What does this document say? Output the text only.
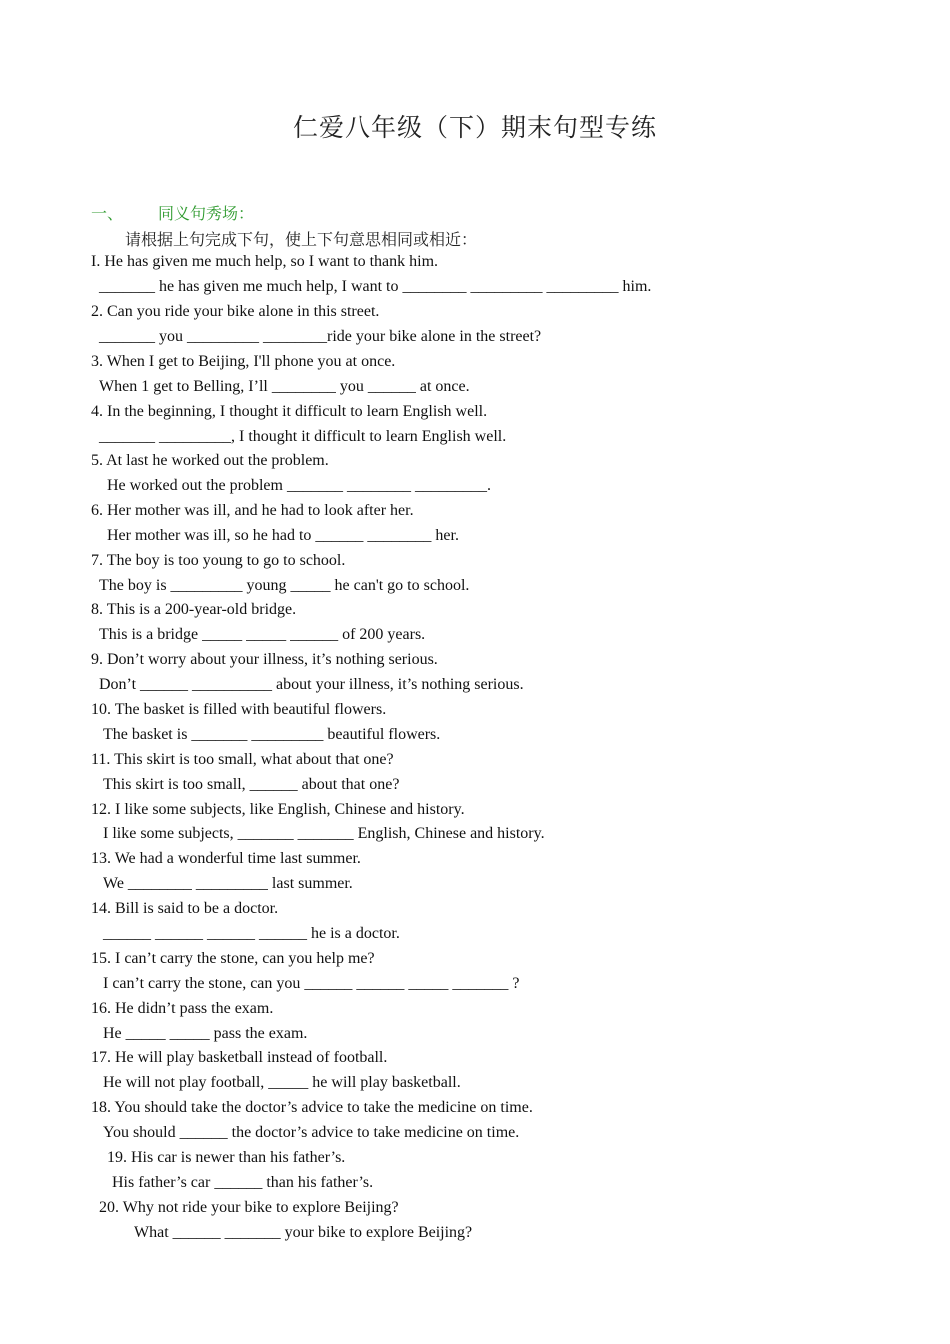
仁爱八年级（下）期末句型专练
一、 同义句秀场：
请根据上句完成下句，使上下句意思相同或相近：
I. He has given me much help, so I want to thank him.
_______ he has given me much help, I want to ________ _________ _________ him.
2. Can you ride your bike alone in this street.
_______ you _________ ________ride your bike alone in the street?
3. When I get to Beijing, I'll phone you at once.
When 1 get to Belling, I’ll ________ you ______ at once.
4. In the beginning, I thought it difficult to learn English well.
_______ _________, I thought it difficult to learn English well.
5. At last he worked out the problem.
He worked out the problem _______ ________ _________.
6. Her mother was ill, and he had to look after her.
Her mother was ill, so he had to ______ ________ her.
7. The boy is too young to go to school.
The boy is _________ young _____ he can't go to school.
8. This is a 200-year-old bridge.
This is a bridge _____ _____ ______ of 200 years.
9. Don’t worry about your illness, it’s nothing serious.
Don’t ______ __________ about your illness, it’s nothing serious.
10. The basket is filled with beautiful flowers.
The basket is _______ _________ beautiful flowers.
11. This skirt is too small, what about that one?
This skirt is too small, ______ about that one?
12. I like some subjects, like English, Chinese and history.
I like some subjects, _______ _______ English, Chinese and history.
13. We had a wonderful time last summer.
We ________ _________ last summer.
14. Bill is said to be a doctor.
______ ______ ______ ______ he is a doctor.
15. I can’t carry the stone, can you help me?
I can’t carry the stone, can you ______ ______ _____ _______ ?
16. He didn’t pass the exam.
He _____ _____ pass the exam.
17. He will play basketball instead of football.
He will not play football, _____ he will play basketball.
18. You should take the doctor’s advice to take the medicine on time.
You should ______ the doctor’s advice to take medicine on time.
19. His car is newer than his father’s.
His father’s car ______ than his father’s.
20. Why not ride your bike to explore Beijing?
What ______ _______ your bike to explore Beijing?
